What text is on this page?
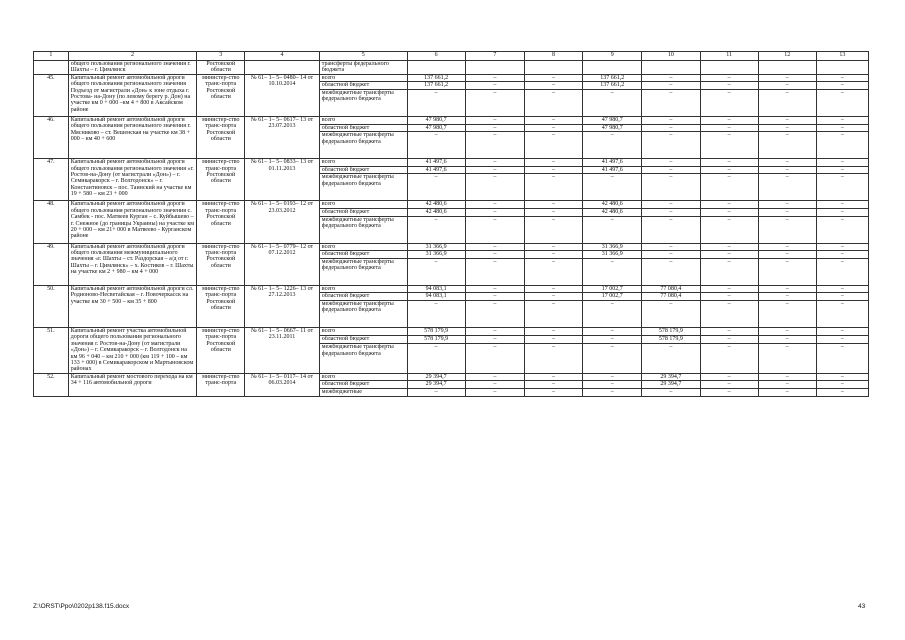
1	2	3	4	5	6	7	8	9	10	11	12	13
	общего пользования регионального значения г. Шахты – г. Цимлянск	Ростовской области		трансферты федерального бюджета								
45.	Капитальный ремонт автомобильной дороги общего пользования регионального значения Подъезд от магистрали «Дон» к зоне отдыха г. Ростова- на-Дону (по левому берегу р. Дон) на участке км 0 + 000 –км 4 + 800 в Аксайском районе	министер-ство транс-порта Ростовской области	№ 61– 1– 5– 0480– 14 от 10.10.2014	всего	137 661,2	–	–	137 661,2	–	–	–	–
				областной бюджет	137 661,2	–	–	137 661,2	–	–	–	–
				межбюджетные трансферты федерального бюджета	–	–	–	–	–	–	–	–
46.	Капитальный ремонт автомобильной дороги общего пользования регионального значения г. Мясниково – ст. Вешенская на участке км 38 + 000 – км 40 + 600	министер-ство транс-порта Ростовской области	№ 61– 1– 5– 0617– 13 от 23.07.2013	всего	47 980,7	–	–	47 980,7	–	–	–	–
				областной бюджет	47 980,7	–	–	47 980,7	–	–	–	–
				межбюджетные трансферты федерального бюджета	–	–	–	–	–	–	–	–
47.	Капитальный ремонт автомобильной дороги общего пользования регионального значения «г. Ростов-на-Дону (от магистрали «Дон») – г. Семикаракорск – г. Волгодонск» – г. Константиновск – пос. Таинский на участке км 19 + 580 – км 23 + 000	министер-ство транс-порта Ростовской области	№ 61– 1– 5– 0833– 13 от 01.11.2013	всего	41 497,6	–	–	41 497,6	–	–	–	–
				областной бюджет	41 497,6	–	–	41 497,6	–	–	–	–
				межбюджетные трансферты федерального бюджета	–	–	–	–	–	–	–	–
48.	Капитальный ремонт автомобильной дороги общего пользования регионального значения с. Самбек - пос. Матвеев Курган – с. Куйбышево – г. Снежное (до границы Украины) на участке км 20 + 000 – км 21+ 000 в Матвеево - Курганском районе	министер-ство транс-порта Ростовской области	№ 61– 1– 5– 0193– 12 от 23.03.2012	всего	42 480,6	–	–	42 480,6	–	–	–	–
				областной бюджет	42 480,6	–	–	42 480,6	–	–	–	–
				межбюджетные трансферты федерального бюджета	–	–	–	–	–	–	–	–
49.	Капитальный ремонт автомобильной дороги общего пользования межмуниципального значения «г. Шахты – ст. Раздорская – а/д от г. Шахты – г. Цимлянск» – х. Костиков – г. Шахты на участке км 2 + 980 – км 4 + 000	министер-ство транс-порта Ростовской области	№ 61– 1– 5– 0779– 12 от 07.12.2012	всего	31 366,9	–	–	31 366,9	–	–	–	–
				областной бюджет	31 366,9	–	–	31 366,9	–	–	–	–
				межбюджетные трансферты федерального бюджета	–	–	–	–	–	–	–	–
50.	Капитальный ремонт автомобильной дороги сл. Родионово-Несветайская – г. Новочеркасск на участке км 30 + 500 – км 35 + 800	министер-ство транс-порта Ростовской области	№ 61– 1– 5– 1226– 13 от 27.12.2013	всего	94 083,1	–	–	17 002,7	77 080,4	–	–	–
				областной бюджет	94 083,1	–	–	17 002,7	77 080,4	–	–	–
				межбюджетные трансферты федерального бюджета	–	–	–	–	–	–	–	–
51.	Капитальный ремонт участка автомобильной дороги общего пользования регионального значения г. Ростов-на-Дону (от магистрали «Дон») – г. Семикаракорск – г. Волгодонск на км 96 + 040 – км 210 + 000 (км 119 + 100 – км 133 + 000) в Семикаракорском и Мартыновском районах	министер-ство транс-порта Ростовской области	№ 61– 1– 5– 0667– 11 от 23.11.2011	всего	578 179,9	–	–	–	578 179,9	–	–	–
				областной бюджет	578 179,9	–	–	–	578 179,9	–	–	–
				межбюджетные трансферты федерального бюджета	–	–	–	–	–	–	–	–
52.	Капитальный ремонт мостового перехода на км 34 + 116 автомобильной дороги	министер-ство транс-порта	№ 61– 1– 5– 0117– 14 от 06.03.2014	всего	29 394,7	–	–	–	29 394,7	–	–	–
				областной бюджет	29 394,7	–	–	–	29 394,7	–	–	–
				межбюджетные	–	–	–	–	–	–	–	–
Z:\ORST\Ppo\0202p138.f15.docx	43
